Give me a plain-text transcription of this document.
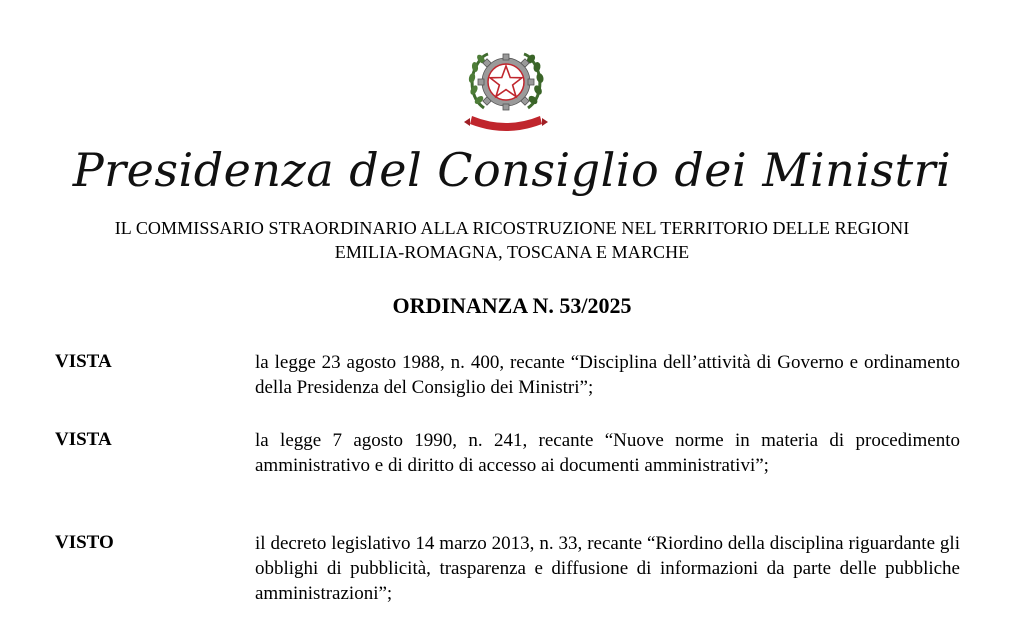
Presidenza del Consiglio dei Ministri
IL COMMISSARIO STRAORDINARIO ALLA RICOSTRUZIONE NEL TERRITORIO DELLE REGIONI
EMILIA-ROMAGNA, TOSCANA E MARCHE
ORDINANZA N. 53/2025
VISTA	la legge 23 agosto 1988, n. 400, recante “Disciplina dell’attività di Governo e ordinamento della Presidenza del Consiglio dei Ministri”;
VISTA	la legge 7 agosto 1990, n. 241, recante “Nuove norme in materia di procedimento amministrativo e di diritto di accesso ai documenti amministrativi”;
VISTO	il decreto legislativo 14 marzo 2013, n. 33, recante “Riordino della disciplina riguardante gli obblighi di pubblicità, trasparenza e diffusione di informazioni da parte delle pubbliche amministrazioni”;
